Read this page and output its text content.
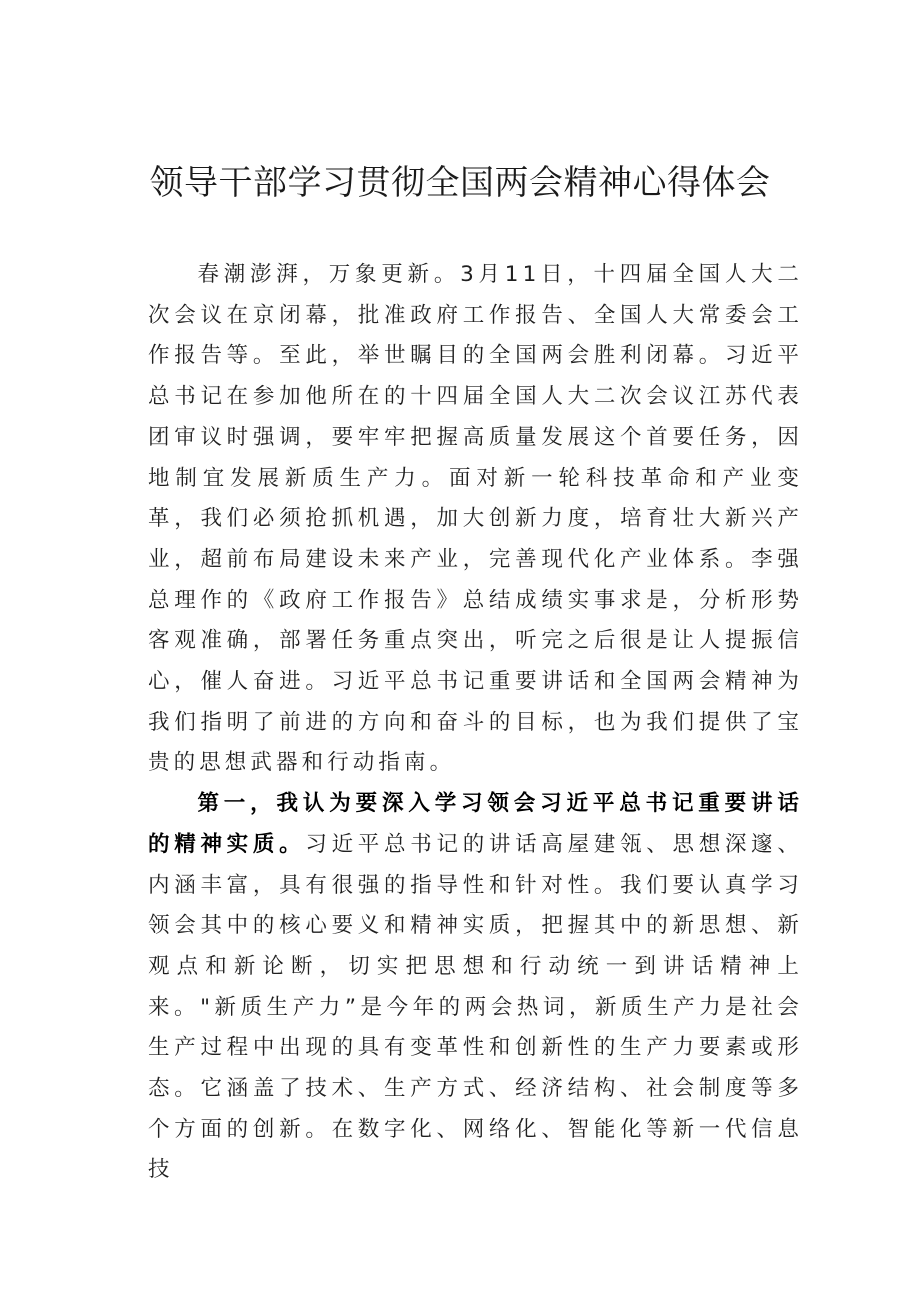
领导干部学习贯彻全国两会精神心得体会

春潮澎湃，万象更新。3月11日，十四届全国人大二次会议在京闭幕，批准政府工作报告、全国人大常委会工作报告等。至此，举世瞩目的全国两会胜利闭幕。习近平总书记在参加他所在的十四届全国人大二次会议江苏代表团审议时强调，要牢牢把握高质量发展这个首要任务，因地制宜发展新质生产力。面对新一轮科技革命和产业变革，我们必须抢抓机遇，加大创新力度，培育壮大新兴产业，超前布局建设未来产业，完善现代化产业体系。李强总理作的《政府工作报告》总结成绩实事求是，分析形势客观准确，部署任务重点突出，听完之后很是让人提振信心，催人奋进。习近平总书记重要讲话和全国两会精神为我们指明了前进的方向和奋斗的目标，也为我们提供了宝贵的思想武器和行动指南。

第一，我认为要深入学习领会习近平总书记重要讲话的精神实质。习近平总书记的讲话高屋建瓴、思想深邃、内涵丰富，具有很强的指导性和针对性。我们要认真学习领会其中的核心要义和精神实质，把握其中的新思想、新观点和新论断，切实把思想和行动统一到讲话精神上来。"新质生产力”是今年的两会热词，新质生产力是社会生产过程中出现的具有变革性和创新性的生产力要素或形态。它涵盖了技术、生产方式、经济结构、社会制度等多个方面的创新。在数字化、网络化、智能化等新一代信息技
